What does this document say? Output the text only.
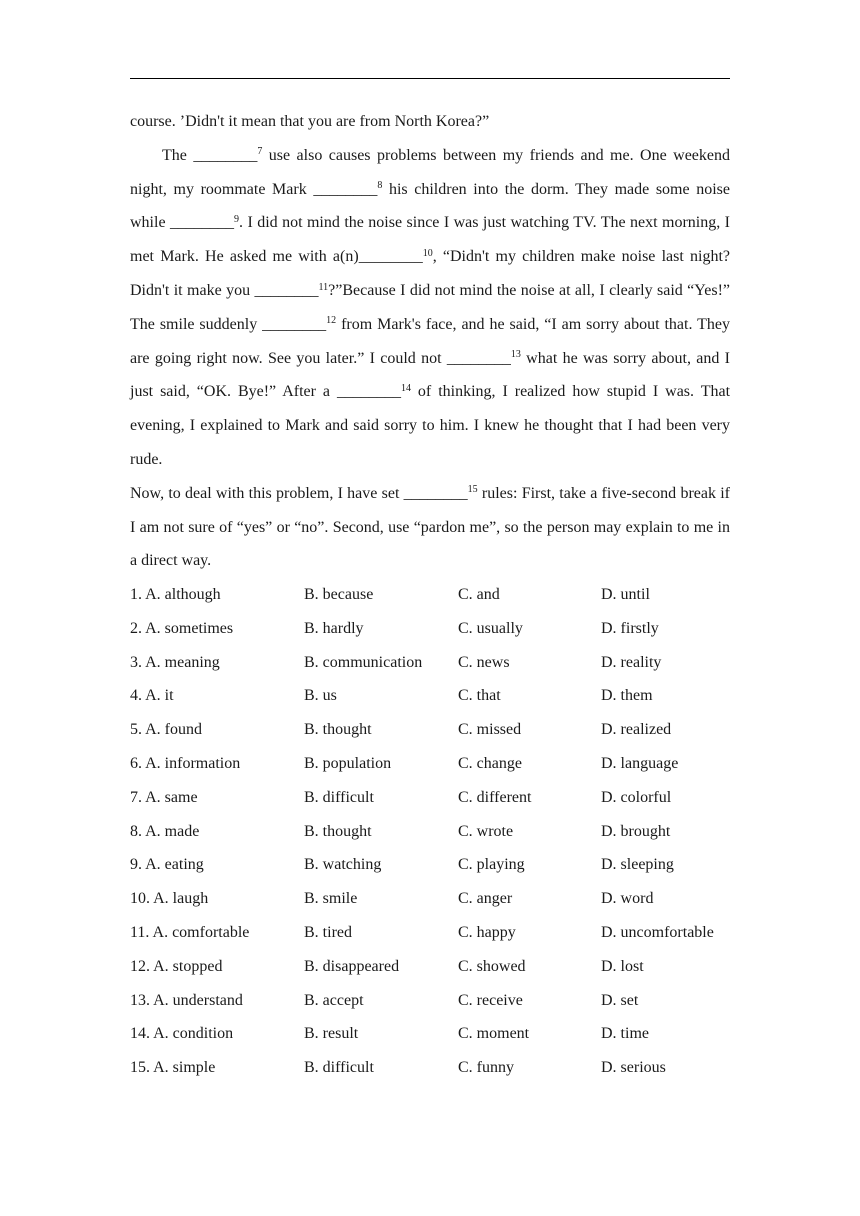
course. ’Didn't it mean that you are from North Korea?”

The ________$^7$ use also causes problems between my friends and me. One weekend night, my roommate Mark ________$^8$ his children into the dorm. They made some noise while ________$^9$. I did not mind the noise since I was just watching TV. The next morning, I met Mark. He asked me with a(n)________$^{10}$, “Didn't my children make noise last night? Didn't it make you ________$^{11}$?”Because I did not mind the noise at all, I clearly said “Yes!” The smile suddenly ________$^{12}$ from Mark's face, and he said, “I am sorry about that. They are going right now. See you later.” I could not ________$^{13}$ what he was sorry about, and I just said, “OK. Bye!” After a ________$^{14}$ of thinking, I realized how stupid I was. That evening, I explained to Mark and said sorry to him. I knew he thought that I had been very rude.

Now, to deal with this problem, I have set ________$^{15}$ rules: First, take a five-second break if I am not sure of “yes” or “no”. Second, use “pardon me”, so the person may explain to me in a direct way.

1. A. although	B. because	C. and	D. until
2. A. sometimes	B. hardly	C. usually	D. firstly
3. A. meaning	B. communication	C. news	D. reality
4. A. it	B. us	C. that	D. them
5. A. found	B. thought	C. missed	D. realized
6. A. information	B. population	C. change	D. language
7. A. same	B. difficult	C. different	D. colorful
8. A. made	B. thought	C. wrote	D. brought
9. A. eating	B. watching	C. playing	D. sleeping
10. A. laugh	B. smile	C. anger	D. word
11. A. comfortable	B. tired	C. happy	D. uncomfortable
12. A. stopped	B. disappeared	C. showed	D. lost
13. A. understand	B. accept	C. receive	D. set
14. A. condition	B. result	C. moment	D. time
15. A. simple	B. difficult	C. funny	D. serious
